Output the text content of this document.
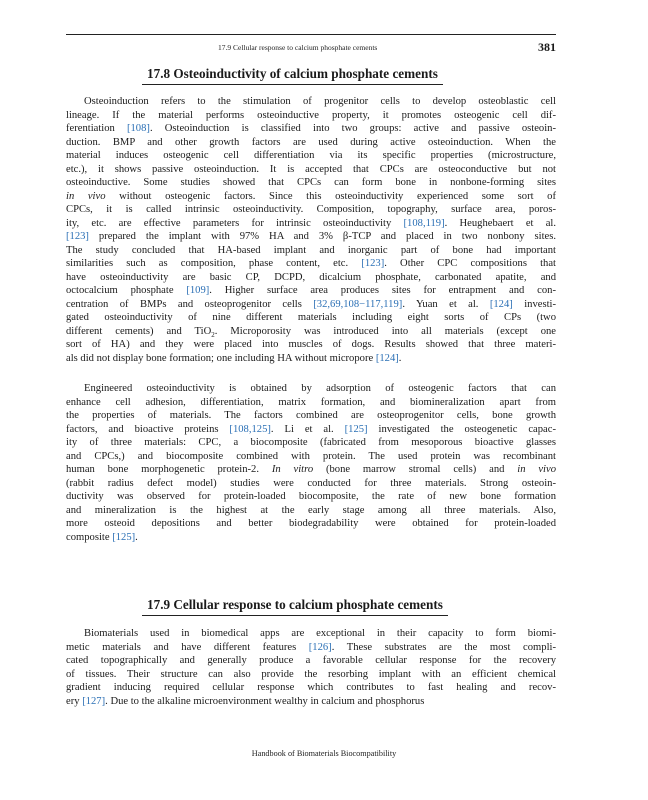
17.9 Cellular response to calcium phosphate cements	381
17.8 Osteoinductivity of calcium phosphate cements
Osteoinduction refers to the stimulation of progenitor cells to develop osteoblastic cell
lineage. If the material performs osteoinductive property, it promotes osteogenic cell dif-
ferentiation [108]. Osteoinduction is classified into two groups: active and passive osteoin-
duction. BMP and other growth factors are used during active osteoinduction. When the
material induces osteogenic cell differentiation via its specific properties (microstructure,
etc.), it shows passive osteoinduction. It is accepted that CPCs are osteoconductive but not
osteoinductive. Some studies showed that CPCs can form bone in nonbone-forming sites
in vivo without osteogenic factors. Since this osteoinductivity experienced some sort of
CPCs, it is called intrinsic osteoinductivity. Composition, topography, surface area, poros-
ity, etc. are effective parameters for intrinsic osteoinductivity [108,119]. Heughebaert et al.
[123] prepared the implant with 97% HA and 3% β-TCP and placed in two nonbony sites.
The study concluded that HA-based implant and inorganic part of bone had important
similarities such as composition, phase content, etc. [123]. Other CPC compositions that
have osteoinductivity are basic CP, DCPD, dicalcium phosphate, carbonated apatite, and
octocalcium phosphate [109]. Higher surface area produces sites for entrapment and con-
centration of BMPs and osteoprogenitor cells [32,69,108−117,119]. Yuan et al. [124] investi-
gated osteoinductivity of nine different materials including eight sorts of CPs (two
different cements) and TiO$_2$. Microporosity was introduced into all materials (except one
sort of HA) and they were placed into muscles of dogs. Results showed that three materi-
als did not display bone formation; one including HA without micropore [124].
Engineered osteoinductivity is obtained by adsorption of osteogenic factors that can
enhance cell adhesion, differentiation, matrix formation, and biomineralization apart from
the properties of materials. The factors combined are osteoprogenitor cells, bone growth
factors, and bioactive proteins [108,125]. Li et al. [125] investigated the osteogenetic capac-
ity of three materials: CPC, a biocomposite (fabricated from mesoporous bioactive glasses
and CPCs,) and biocomposite combined with protein. The used protein was recombinant
human bone morphogenetic protein-2. In vitro (bone marrow stromal cells) and in vivo
(rabbit radius defect model) studies were conducted for three materials. Strong osteoin-
ductivity was observed for protein-loaded biocomposite, the rate of new bone formation
and mineralization is the highest at the early stage among all three materials. Also,
more osteoid depositions and better biodegradability were obtained for protein-loaded
composite [125].
17.9 Cellular response to calcium phosphate cements
Biomaterials used in biomedical apps are exceptional in their capacity to form biomi-
metic materials and have different features [126]. These substrates are the most compli-
cated topographically and generally produce a favorable cellular response for the recovery
of tissues. Their structure can also provide the resorbing implant with an efficient chemical
gradient inducing required cellular response which contributes to fast healing and recov-
ery [127]. Due to the alkaline microenvironment wealthy in calcium and phosphorus
Handbook of Biomaterials Biocompatibility
